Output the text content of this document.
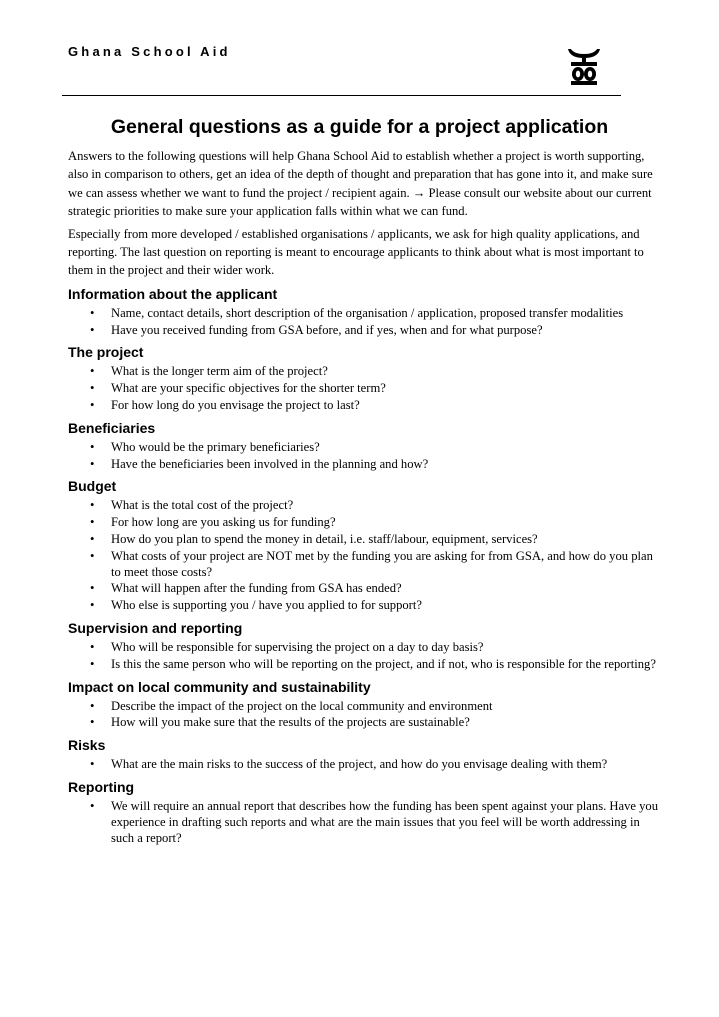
Ghana School Aid
General questions as a guide for a project application

Answers to the following questions will help Ghana School Aid to establish whether a project is worth supporting, also in comparison to others, get an idea of the depth of thought and preparation that has gone into it, and make sure we can assess whether we want to fund the project / recipient again. → Please consult our website about our current strategic priorities to make sure your application falls within what we can fund.

Especially from more developed / established organisations / applicants, we ask for high quality applications, and reporting. The last question on reporting is meant to encourage applicants to think about what is most important to them in the project and their wider work.

Information about the applicant
• Name, contact details, short description of the organisation / application, proposed transfer modalities
• Have you received funding from GSA before, and if yes, when and for what purpose?
The project
• What is the longer term aim of the project?
• What are your specific objectives for the shorter term?
• For how long do you envisage the project to last?
Beneficiaries
• Who would be the primary beneficiaries?
• Have the beneficiaries been involved in the planning and how?
Budget
• What is the total cost of the project?
• For how long are you asking us for funding?
• How do you plan to spend the money in detail, i.e. staff/labour, equipment, services?
• What costs of your project are NOT met by the funding you are asking for from GSA, and how do you plan to meet those costs?
• What will happen after the funding from GSA has ended?
• Who else is supporting you / have you applied to for support?
Supervision and reporting
• Who will be responsible for supervising the project on a day to day basis?
• Is this the same person who will be reporting on the project, and if not, who is responsible for the reporting?
Impact on local community and sustainability
• Describe the impact of the project on the local community and environment
• How will you make sure that the results of the projects are sustainable?
Risks
• What are the main risks to the success of the project, and how do you envisage dealing with them?
Reporting
• We will require an annual report that describes how the funding has been spent against your plans. Have you experience in drafting such reports and what are the main issues that you feel will be worth addressing in such a report?
